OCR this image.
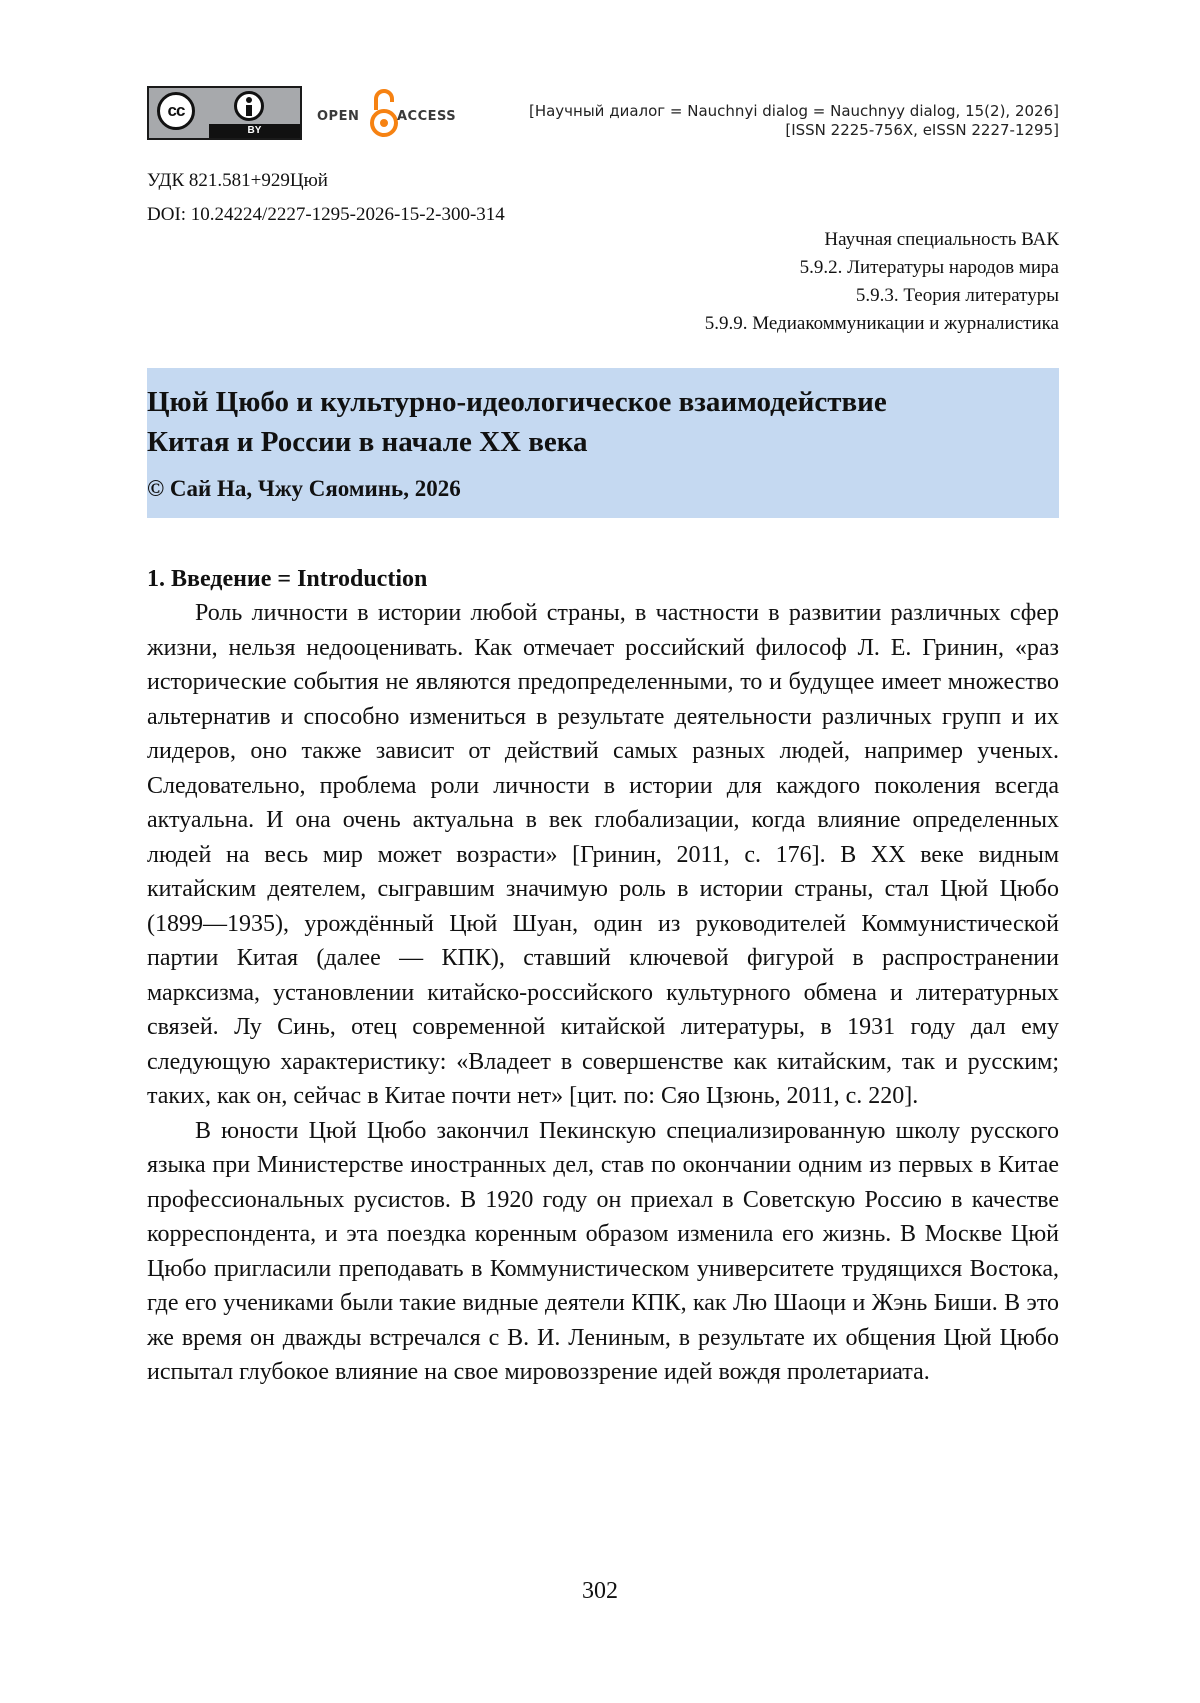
cc
BY
OPEN	ACCESS	[Научный диалог = Nauchnyi dialog = Nauchnyy dialog, 15(2), 2026]
[ISSN 2225-756X, eISSN 2227-1295]
УДК 821.581+929Цюй
DOI: 10.24224/2227-1295-2026-15-2-300-314
Научная специальность ВАК
5.9.2. Литературы народов мира
5.9.3. Теория литературы
5.9.9. Медиакоммуникации и журналистика
Цюй Цюбо и культурно-идеологическое взаимодействие
Китая и России в начале XX века
© Сай На, Чжу Сяоминь, 2026
1. Введение = Introduction

Роль личности в истории любой страны, в частности в развитии различных сфер жизни, нельзя недооценивать. Как отмечает российский философ Л. Е. Гринин, «раз исторические события не являются предопределенными, то и будущее имеет множество альтернатив и способно измениться в результате деятельности различных групп и их лидеров, оно также зависит от действий самых разных людей, например ученых. Следовательно, проблема роли личности в истории для каждого поколения всегда актуальна. И она очень актуальна в век глобализации, когда влияние определенных людей на весь мир может возрасти» [Гринин, 2011, с. 176]. В XX веке видным китайским деятелем, сыгравшим значимую роль в истории страны, стал Цюй Цюбо (1899—1935), урождённый Цюй Шуан, один из руководителей Коммунистической партии Китая (далее — КПК), ставший ключевой фигурой в распространении марксизма, установлении китайско-российского культурного обмена и литературных связей. Лу Синь, отец современной китайской литературы, в 1931 году дал ему следующую характеристику: «Владеет в совершенстве как китайским, так и русским; таких, как он, сейчас в Китае почти нет» [цит. по: Сяо Цзюнь, 2011, с. 220].

В юности Цюй Цюбо закончил Пекинскую специализированную школу русского языка при Министерстве иностранных дел, став по окончании одним из первых в Китае профессиональных русистов. В 1920 году он приехал в Советскую Россию в качестве корреспондента, и эта поездка коренным образом изменила его жизнь. В Москве Цюй Цюбо пригласили преподавать в Коммунистическом университете трудящихся Востока, где его учениками были такие видные деятели КПК, как Лю Шаоци и Жэнь Биши. В это же время он дважды встречался с В. И. Лениным, в результате их общения Цюй Цюбо испытал глубокое влияние на свое мировоззрение идей вождя пролетариата.

302
